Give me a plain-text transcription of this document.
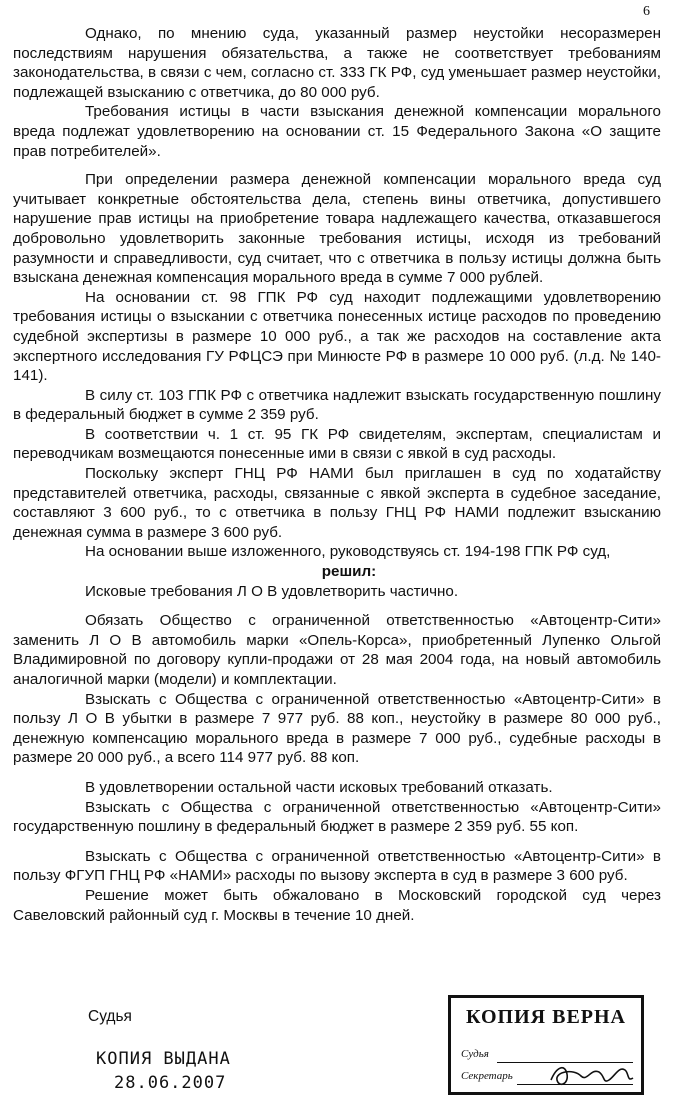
6

Однако, по мнению суда, указанный размер неустойки несоразмерен последствиям нарушения обязательства, а также не соответствует требованиям законодательства, в связи с чем, согласно ст. 333 ГК РФ, суд уменьшает размер неустойки, подлежащей взысканию с ответчика, до 80 000 руб.

Требования истицы в части взыскания денежной компенсации морального вреда подлежат удовлетворению на основании ст. 15 Федерального Закона «О защите прав потребителей».

При определении размера денежной компенсации морального вреда суд учитывает конкретные обстоятельства дела, степень вины ответчика, допустившего нарушение прав истицы на приобретение товара надлежащего качества, отказавшегося добровольно удовлетворить законные требования истицы, исходя из требований разумности и справедливости, суд считает, что с ответчика в пользу истицы должна быть взыскана денежная компенсация морального вреда в сумме 7 000 рублей.

На основании ст. 98 ГПК РФ суд находит подлежащими удовлетворению требования истицы о взыскании с ответчика понесенных истице расходов по проведению судебной экспертизы в размере 10 000 руб., а так же расходов на составление акта экспертного исследования ГУ РФЦСЭ при Минюсте РФ в размере 10 000 руб. (л.д. № 140-141).

В силу ст. 103 ГПК РФ с ответчика надлежит взыскать государственную пошлину в федеральный бюджет в сумме 2 359 руб.

В соответствии ч. 1 ст. 95 ГК РФ свидетелям, экспертам, специалистам и переводчикам возмещаются понесенные ими в связи с явкой в суд расходы.

Поскольку эксперт ГНЦ РФ НАМИ был приглашен в суд по ходатайству представителей ответчика, расходы, связанные с явкой эксперта в судебное заседание, составляют 3 600 руб., то с ответчика в пользу ГНЦ РФ НАМИ подлежит взысканию денежная сумма в размере 3 600 руб.

На основании выше изложенного, руководствуясь ст. 194-198 ГПК РФ суд,

решил:

Исковые требования Л О В удовлетворить частично.

Обязать Общество с ограниченной ответственностью «Автоцентр-Сити» заменить Л О В автомобиль марки «Опель-Корса», приобретенный Лупенко Ольгой Владимировной по договору купли-продажи от 28 мая 2004 года, на новый автомобиль аналогичной марки (модели) и комплектации.

Взыскать с Общества с ограниченной ответственностью «Автоцентр-Сити» в пользу Л О В убытки в размере 7 977 руб. 88 коп., неустойку в размере 80 000 руб., денежную компенсацию морального вреда в размере 7 000 руб., судебные расходы в размере 20 000 руб., а всего 114 977 руб. 88 коп.

В удовлетворении остальной части исковых требований отказать.

Взыскать с Общества с ограниченной ответственностью «Автоцентр-Сити» государственную пошлину в федеральный бюджет в размере 2 359 руб. 55 коп.

Взыскать с Общества с ограниченной ответственностью «Автоцентр-Сити» в пользу ФГУП ГНЦ РФ «НАМИ» расходы по вызову эксперта в суд в размере 3 600 руб.

Решение может быть обжаловано в Московский городской суд через Савеловский районный суд г. Москвы в течение 10 дней.

Судья
КОПИЯ ВЫДАНА
28.06.2007
КОПИЯ ВЕРНА
Судья
Секретарь
